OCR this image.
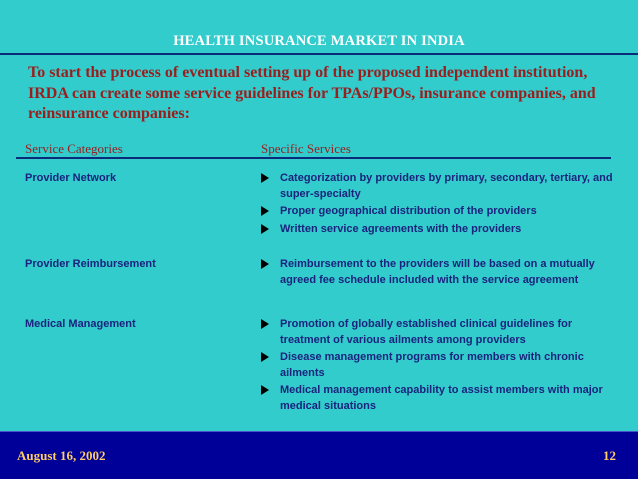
HEALTH INSURANCE MARKET IN INDIA
To start the process of eventual setting up of the proposed independent institution, IRDA can create some service guidelines for TPAs/PPOs, insurance companies, and reinsurance companies:
Service Categories	Specific Services
Provider Network	Categorization by providers by primary, secondary, tertiary, and super-specialty
Proper geographical distribution of the providers
Written service agreements with the providers
Provider Reimbursement	Reimbursement to the providers will be based on a mutually agreed fee schedule included with the service agreement
Medical Management	Promotion of globally established clinical guidelines for treatment of various ailments among providers
Disease management programs for members with chronic ailments
Medical management capability to assist members with major medical situations
August 16, 2002	12
